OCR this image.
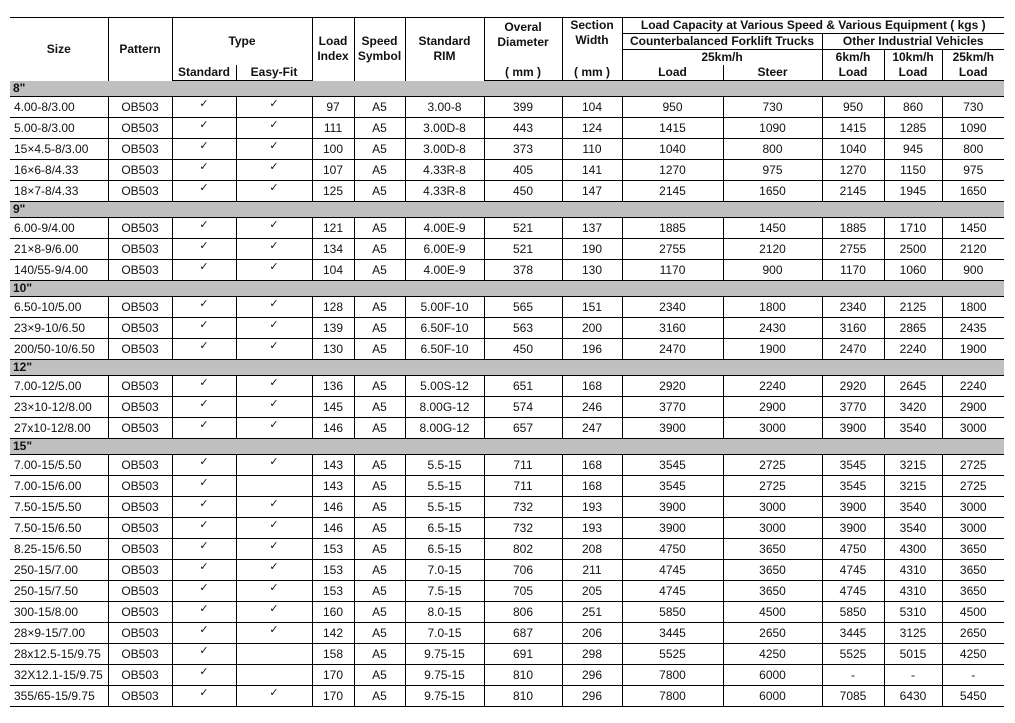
Size	Pattern	Type		Load Index	Speed Symbol	Standard RIM	Overal Diameter	Section Width	Load Capacity at Various Speed & Various Equipment ( kgs )				
									Counterbalanced Forklift Trucks		Other Industrial Vehicles		
									25km/h		6km/h	10km/h	25km/h
		Standard	Easy-Fit				( mm )	( mm )	Load	Steer	Load	Load	Load
8"													
4.00-8/3.00	OB503	✓	✓	97	A5	3.00-8	399	104	950	730	950	860	730
5.00-8/3.00	OB503	✓	✓	111	A5	3.00D-8	443	124	1415	1090	1415	1285	1090
15×4.5-8/3.00	OB503	✓	✓	100	A5	3.00D-8	373	110	1040	800	1040	945	800
16×6-8/4.33	OB503	✓	✓	107	A5	4.33R-8	405	141	1270	975	1270	1150	975
18×7-8/4.33	OB503	✓	✓	125	A5	4.33R-8	450	147	2145	1650	2145	1945	1650
9"													
6.00-9/4.00	OB503	✓	✓	121	A5	4.00E-9	521	137	1885	1450	1885	1710	1450
21×8-9/6.00	OB503	✓	✓	134	A5	6.00E-9	521	190	2755	2120	2755	2500	2120
140/55-9/4.00	OB503	✓	✓	104	A5	4.00E-9	378	130	1170	900	1170	1060	900
10"													
6.50-10/5.00	OB503	✓	✓	128	A5	5.00F-10	565	151	2340	1800	2340	2125	1800
23×9-10/6.50	OB503	✓	✓	139	A5	6.50F-10	563	200	3160	2430	3160	2865	2435
200/50-10/6.50	OB503	✓	✓	130	A5	6.50F-10	450	196	2470	1900	2470	2240	1900
12"													
7.00-12/5.00	OB503	✓	✓	136	A5	5.00S-12	651	168	2920	2240	2920	2645	2240
23×10-12/8.00	OB503	✓	✓	145	A5	8.00G-12	574	246	3770	2900	3770	3420	2900
27x10-12/8.00	OB503	✓	✓	146	A5	8.00G-12	657	247	3900	3000	3900	3540	3000
15"													
7.00-15/5.50	OB503	✓	✓	143	A5	5.5-15	711	168	3545	2725	3545	3215	2725
7.00-15/6.00	OB503	✓		143	A5	5.5-15	711	168	3545	2725	3545	3215	2725
7.50-15/5.50	OB503	✓	✓	146	A5	5.5-15	732	193	3900	3000	3900	3540	3000
7.50-15/6.50	OB503	✓	✓	146	A5	6.5-15	732	193	3900	3000	3900	3540	3000
8.25-15/6.50	OB503	✓	✓	153	A5	6.5-15	802	208	4750	3650	4750	4300	3650
250-15/7.00	OB503	✓	✓	153	A5	7.0-15	706	211	4745	3650	4745	4310	3650
250-15/7.50	OB503	✓	✓	153	A5	7.5-15	705	205	4745	3650	4745	4310	3650
300-15/8.00	OB503	✓	✓	160	A5	8.0-15	806	251	5850	4500	5850	5310	4500
28×9-15/7.00	OB503	✓	✓	142	A5	7.0-15	687	206	3445	2650	3445	3125	2650
28x12.5-15/9.75	OB503	✓		158	A5	9.75-15	691	298	5525	4250	5525	5015	4250
32X12.1-15/9.75	OB503	✓		170	A5	9.75-15	810	296	7800	6000	-	-	-
355/65-15/9.75	OB503	✓	✓	170	A5	9.75-15	810	296	7800	6000	7085	6430	5450
